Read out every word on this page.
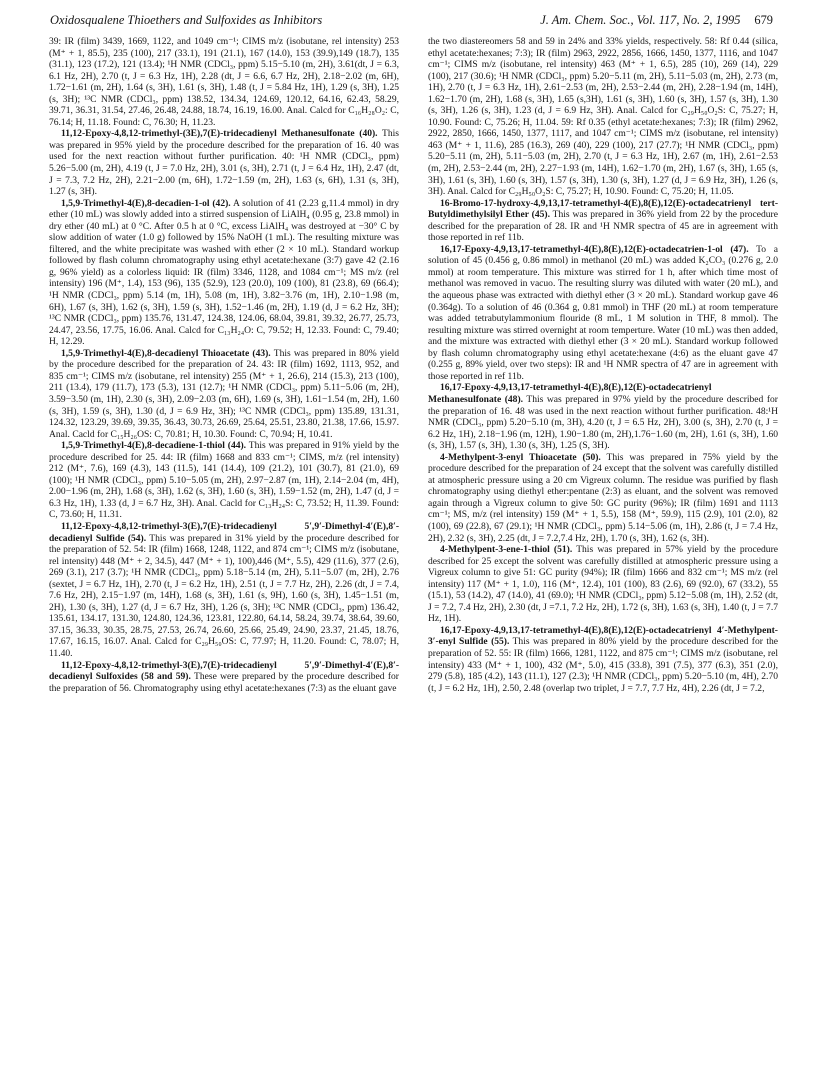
Oxidosqualene Thioethers and Sulfoxides as Inhibitors	J. Am. Chem. Soc., Vol. 117, No. 2, 1995 679

39: IR (film) 3439, 1669, 1122, and 1049 cm⁻¹; CIMS m/z (isobutane, rel intensity) 253 (M⁺ + 1, 85.5), 235 (100), 217 (33.1), 191 (21.1), 167 (14.0), 153 (39.9),149 (18.7), 135 (31.1), 123 (17.2), 121 (13.4); ¹H NMR (CDCl₃, ppm) 5.15−5.10 (m, 2H), 3.61(dt, J = 6.3, 6.1 Hz, 2H), 2.70 (t, J = 6.3 Hz, 1H), 2.28 (dt, J = 6.6, 6.7 Hz, 2H), 2.18−2.02 (m, 6H), 1.72−1.61 (m, 2H), 1.64 (s, 3H), 1.61 (s, 3H), 1.48 (t, J = 5.84 Hz, 1H), 1.29 (s, 3H), 1.25 (s, 3H); ¹³C NMR (CDCl₃, ppm) 138.52, 134.34, 124.69, 120.12, 64.16, 62.43, 58.29, 39.71, 36.31, 31.54, 27.46, 26.48, 24.88, 18.74, 16.19, 16.00. Anal. Calcd for C₁₆H₂₈O₂: C, 76.14; H, 11.18. Found: C, 76.30; H, 11.23.

11,12-Epoxy-4,8,12-trimethyl-(3E),7(E)-tridecadienyl Methanesulfonate (40). This was prepared in 95% yield by the procedure described for the preparation of 16. 40 was used for the next reaction without further purification. 40: ¹H NMR (CDCl₃, ppm) 5.26−5.00 (m, 2H), 4.19 (t, J = 7.0 Hz, 2H), 3.01 (s, 3H), 2.71 (t, J = 6.4 Hz, 1H), 2.47 (dt, J = 7.3, 7.2 Hz, 2H), 2.21−2.00 (m, 6H), 1.72−1.59 (m, 2H), 1.63 (s, 6H), 1.31 (s, 3H), 1.27 (s, 3H).

1,5,9-Trimethyl-4(E),8-decadien-1-ol (42). A solution of 41 (2.23 g,11.4 mmol) in dry ether (10 mL) was slowly added into a stirred suspension of LiAlH₄ (0.95 g, 23.8 mmol) in dry ether (40 mL) at 0 °C. After 0.5 h at 0 °C, excess LiAlH₄ was destroyed at −30° C by slow addition of water (1.0 g) followed by 15% NaOH (1 mL). The resulting mixture was filtered, and the white precipitate was washed with ether (2 × 10 mL). Standard workup followed by flash column chromatography using ethyl acetate:hexane (3:7) gave 42 (2.16 g, 96% yield) as a colorless liquid: IR (film) 3346, 1128, and 1084 cm⁻¹; MS m/z (rel intensity) 196 (M⁺, 1.4), 153 (96), 135 (52.9), 123 (20.0), 109 (100), 81 (23.8), 69 (66.4); ¹H NMR (CDCl₃, ppm) 5.14 (m, 1H), 5.08 (m, 1H), 3.82−3.76 (m, 1H), 2.10−1.98 (m, 6H), 1.67 (s, 3H), 1.62 (s, 3H), 1.59 (s, 3H), 1.52−1.46 (m, 2H), 1.19 (d, J = 6.2 Hz, 3H); ¹³C NMR (CDCl₃, ppm) 135.76, 131.47, 124.38, 124.06, 68.04, 39.81, 39.32, 26.77, 25.73, 24.47, 23.56, 17.75, 16.06. Anal. Calcd for C₁₃H₂₄O: C, 79.52; H, 12.33. Found: C, 79.40; H, 12.29.

1,5,9-Trimethyl-4(E),8-decadienyl Thioacetate (43). This was prepared in 80% yield by the procedure described for the preparation of 24. 43: IR (film) 1692, 1113, 952, and 835 cm⁻¹; CIMS m/z (isobutane, rel intensity) 255 (M⁺ + 1, 26.6), 214 (15.3), 213 (100), 211 (13.4), 179 (11.7), 173 (5.3), 131 (12.7); ¹H NMR (CDCl₃, ppm) 5.11−5.06 (m, 2H), 3.59−3.50 (m, 1H), 2.30 (s, 3H), 2.09−2.03 (m, 6H), 1.69 (s, 3H), 1.61−1.54 (m, 2H), 1.60 (s, 3H), 1.59 (s, 3H), 1.30 (d, J = 6.9 Hz, 3H); ¹³C NMR (CDCl₃, ppm) 135.89, 131.31, 124.32, 123.29, 39.69, 39.35, 36.43, 30.73, 26.69, 25.64, 25.51, 23.80, 21.38, 17.66, 15.97. Anal. Cacld for C₁₅H₂₆OS: C, 70.81; H, 10.30. Found: C, 70.94; H, 10.41.

1,5,9-Trimethyl-4(E),8-decadiene-1-thiol (44). This was prepared in 91% yield by the procedure described for 25. 44: IR (film) 1668 and 833 cm⁻¹; CIMS, m/z (rel intensity) 212 (M⁺, 7.6), 169 (4.3), 143 (11.5), 141 (14.4), 109 (21.2), 101 (30.7), 81 (21.0), 69 (100); ¹H NMR (CDCl₃, ppm) 5.10−5.05 (m, 2H), 2.97−2.87 (m, 1H), 2.14−2.04 (m, 4H), 2.00−1.96 (m, 2H), 1.68 (s, 3H), 1.62 (s, 3H), 1.60 (s, 3H), 1.59−1.52 (m, 2H), 1.47 (d, J = 6.3 Hz, 1H), 1.33 (d, J = 6.7 Hz, 3H). Anal. Cacld for C₁₃H₂₄S: C, 73.52; H, 11.39. Found: C, 73.60; H, 11.31.

11,12-Epoxy-4,8,12-trimethyl-3(E),7(E)-tridecadienyl 5′,9′-Dimethyl-4′(E),8′-decadienyl Sulfide (54). This was prepared in 31% yield by the procedure described for the preparation of 52. 54: IR (film) 1668, 1248, 1122, and 874 cm⁻¹; CIMS m/z (isobutane, rel intensity) 448 (M⁺ + 2, 34.5), 447 (M⁺ + 1), 100),446 (M⁺, 5.5), 429 (11.6), 377 (2.6), 269 (3.1), 217 (3.7); ¹H NMR (CDCl₃, ppm) 5.18−5.14 (m, 2H), 5.11−5.07 (m, 2H), 2.76 (sextet, J = 6.7 Hz, 1H), 2.70 (t, J = 6.2 Hz, 1H), 2.51 (t, J = 7.7 Hz, 2H), 2.26 (dt, J = 7.4, 7.6 Hz, 2H), 2.15−1.97 (m, 14H), 1.68 (s, 3H), 1.61 (s, 9H), 1.60 (s, 3H), 1.45−1.51 (m, 2H), 1.30 (s, 3H), 1.27 (d, J = 6.7 Hz, 3H), 1.26 (s, 3H); ¹³C NMR (CDCl₃, ppm) 136.42, 135.61, 134.17, 131.30, 124.80, 124.36, 123.81, 122.80, 64.14, 58.24, 39.74, 38.64, 39.60, 37.15, 36.33, 30.35, 28.75, 27.53, 26.74, 26.60, 25.66, 25.49, 24.90, 23.37, 21.45, 18.76, 17.67, 16.15, 16.07. Anal. Calcd for C₂₉H₅₀OS: C, 77.97; H, 11.20. Found: C, 78.07; H, 11.40.

11,12-Epoxy-4,8,12-trimethyl-3(E),7(E)-tridecadienyl 5′,9′-Dimethyl-4′(E),8′-decadienyl Sulfoxides (58 and 59). These were prepared by the procedure described for the preparation of 56. Chromatography using ethyl acetate:hexanes (7:3) as the eluant gave

the two diastereomers 58 and 59 in 24% and 33% yields, respectively. 58: Rf 0.44 (silica, ethyl acetate:hexanes; 7:3); IR (film) 2963, 2922, 2856, 1666, 1450, 1377, 1116, and 1047 cm⁻¹; CIMS m/z (isobutane, rel intensity) 463 (M⁺ + 1, 6.5), 285 (10), 269 (14), 229 (100), 217 (30.6); ¹H NMR (CDCl₃, ppm) 5.20−5.11 (m, 2H), 5.11−5.03 (m, 2H), 2.73 (m, 1H), 2.70 (t, J = 6.3 Hz, 1H), 2.61−2.53 (m, 2H), 2.53−2.44 (m, 2H), 2.28−1.94 (m, 14H), 1.62−1.70 (m, 2H), 1.68 (s, 3H), 1.65 (s,3H), 1.61 (s, 3H), 1.60 (s, 3H), 1.57 (s, 3H), 1.30 (s, 3H), 1.26 (s, 3H), 1.23 (d, J = 6.9 Hz, 3H). Anal. Calcd for C₂₉H₅₀O₂S: C, 75.27; H, 10.90. Found: C, 75.26; H, 11.04. 59: Rf 0.35 (ethyl acetate:hexanes; 7:3); IR (film) 2962, 2922, 2850, 1666, 1450, 1377, 1117, and 1047 cm⁻¹; CIMS m/z (isobutane, rel intensity) 463 (M⁺ + 1, 11.6), 285 (16.3), 269 (40), 229 (100), 217 (27.7); ¹H NMR (CDCl₃, ppm) 5.20−5.11 (m, 2H), 5.11−5.03 (m, 2H), 2.70 (t, J = 6.3 Hz, 1H), 2.67 (m, 1H), 2.61−2.53 (m, 2H), 2.53−2.44 (m, 2H), 2.27−1.93 (m, 14H), 1.62−1.70 (m, 2H), 1.67 (s, 3H), 1.65 (s, 3H), 1.61 (s, 3H), 1.60 (s, 3H), 1.57 (s, 3H), 1.30 (s, 3H), 1.27 (d, J = 6.9 Hz, 3H), 1.26 (s, 3H). Anal. Calcd for C₂₉H₅₀O₂S: C, 75.27; H, 10.90. Found: C, 75.20; H, 11.05.

16-Bromo-17-hydroxy-4,9,13,17-tetramethyl-4(E),8(E),12(E)-octadecatrienyl tert-Butyldimethylsilyl Ether (45). This was prepared in 36% yield from 22 by the procedure described for the preparation of 28. IR and ¹H NMR spectra of 45 are in agreement with those reported in ref 11b.

16,17-Epoxy-4,9,13,17-tetramethyl-4(E),8(E),12(E)-octadecatrien-1-ol (47). To a solution of 45 (0.456 g, 0.86 mmol) in methanol (20 mL) was added K₂CO₃ (0.276 g, 2.0 mmol) at room temperature. This mixture was stirred for 1 h, after which time most of methanol was removed in vacuo. The resulting slurry was diluted with water (20 mL), and the aqueous phase was extracted with diethyl ether (3 × 20 mL). Standard workup gave 46 (0.364g). To a solution of 46 (0.364 g, 0.81 mmol) in THF (20 mL) at room temperature was added tetrabutylammonium flouride (8 mL, 1 M solution in THF, 8 mmol). The resulting mixture was stirred overnight at room temperture. Water (10 mL) was then added, and the mixture was extracted with diethyl ether (3 × 20 mL). Standard workup followed by flash column chromatography using ethyl acetate:hexane (4:6) as the eluant gave 47 (0.255 g, 89% yield, over two steps): IR and ¹H NMR spectra of 47 are in agreement with those reported in ref 11b.

16,17-Epoxy-4,9,13,17-tetramethyl-4(E),8(E),12(E)-octadecatrienyl Methanesulfonate (48). This was prepared in 97% yield by the procedure described for the preparation of 16. 48 was used in the next reaction without further purification. 48:¹H NMR (CDCl₃, ppm) 5.20−5.10 (m, 3H), 4.20 (t, J = 6.5 Hz, 2H), 3.00 (s, 3H), 2.70 (t, J = 6.2 Hz, 1H), 2.18−1.96 (m, 12H), 1.90−1.80 (m, 2H),1.76−1.60 (m, 2H), 1.61 (s, 3H), 1.60 (s, 3H), 1.57 (s, 3H), 1.30 (s, 3H), 1.25 (S, 3H).

4-Methylpent-3-enyl Thioacetate (50). This was prepared in 75% yield by the procedure described for the preparation of 24 except that the solvent was carefully distilled at atmospheric pressure using a 20 cm Vigreux column. The residue was purified by flash chromatography using diethyl ether:pentane (2:3) as eluant, and the solvent was removed again through a Vigreux column to give 50: GC purity (96%); IR (film) 1691 and 1113 cm⁻¹; MS, m/z (rel intensity) 159 (M⁺ + 1, 5.5), 158 (M⁺, 59.9), 115 (2.9), 101 (2.0), 82 (100), 69 (22.8), 67 (29.1); ¹H NMR (CDCl₃, ppm) 5.14−5.06 (m, 1H), 2.86 (t, J = 7.4 Hz, 2H), 2.32 (s, 3H), 2.25 (dt, J = 7.2,7.4 Hz, 2H), 1.70 (s, 3H), 1.62 (s, 3H).

4-Methylpent-3-ene-1-thiol (51). This was prepared in 57% yield by the procedure described for 25 except the solvent was carefully distilled at atmospheric pressure using a Vigreux column to give 51: GC purity (94%); IR (film) 1666 and 832 cm⁻¹; MS m/z (rel intensity) 117 (M⁺ + 1, 1.0), 116 (M⁺, 12.4), 101 (100), 83 (2.6), 69 (92.0), 67 (33.2), 55 (15.1), 53 (14.2), 47 (14.0), 41 (69.0); ¹H NMR (CDCl₃, ppm) 5.12−5.08 (m, 1H), 2.52 (dt, J = 7.2, 7.4 Hz, 2H), 2.30 (dt, J =7.1, 7.2 Hz, 2H), 1.72 (s, 3H), 1.63 (s, 3H), 1.40 (t, J = 7.7 Hz, 1H).

16,17-Epoxy-4,9,13,17-tetramethyl-4(E),8(E),12(E)-octadecatrienyl 4′-Methylpent-3′-enyl Sulfide (55). This was prepared in 80% yield by the procedure described for the preparation of 52. 55: IR (film) 1666, 1281, 1122, and 875 cm⁻¹; CIMS m/z (isobutane, rel intensity) 433 (M⁺ + 1, 100), 432 (M⁺, 5.0), 415 (33.8), 391 (7.5), 377 (6.3), 351 (2.0), 279 (5.8), 185 (4.2), 143 (11.1), 127 (2.3); ¹H NMR (CDCl₃, ppm) 5.20−5.10 (m, 4H), 2.70 (t, J = 6.2 Hz, 1H), 2.50, 2.48 (overlap two triplet, J = 7.7, 7.7 Hz, 4H), 2.26 (dt, J = 7.2,
